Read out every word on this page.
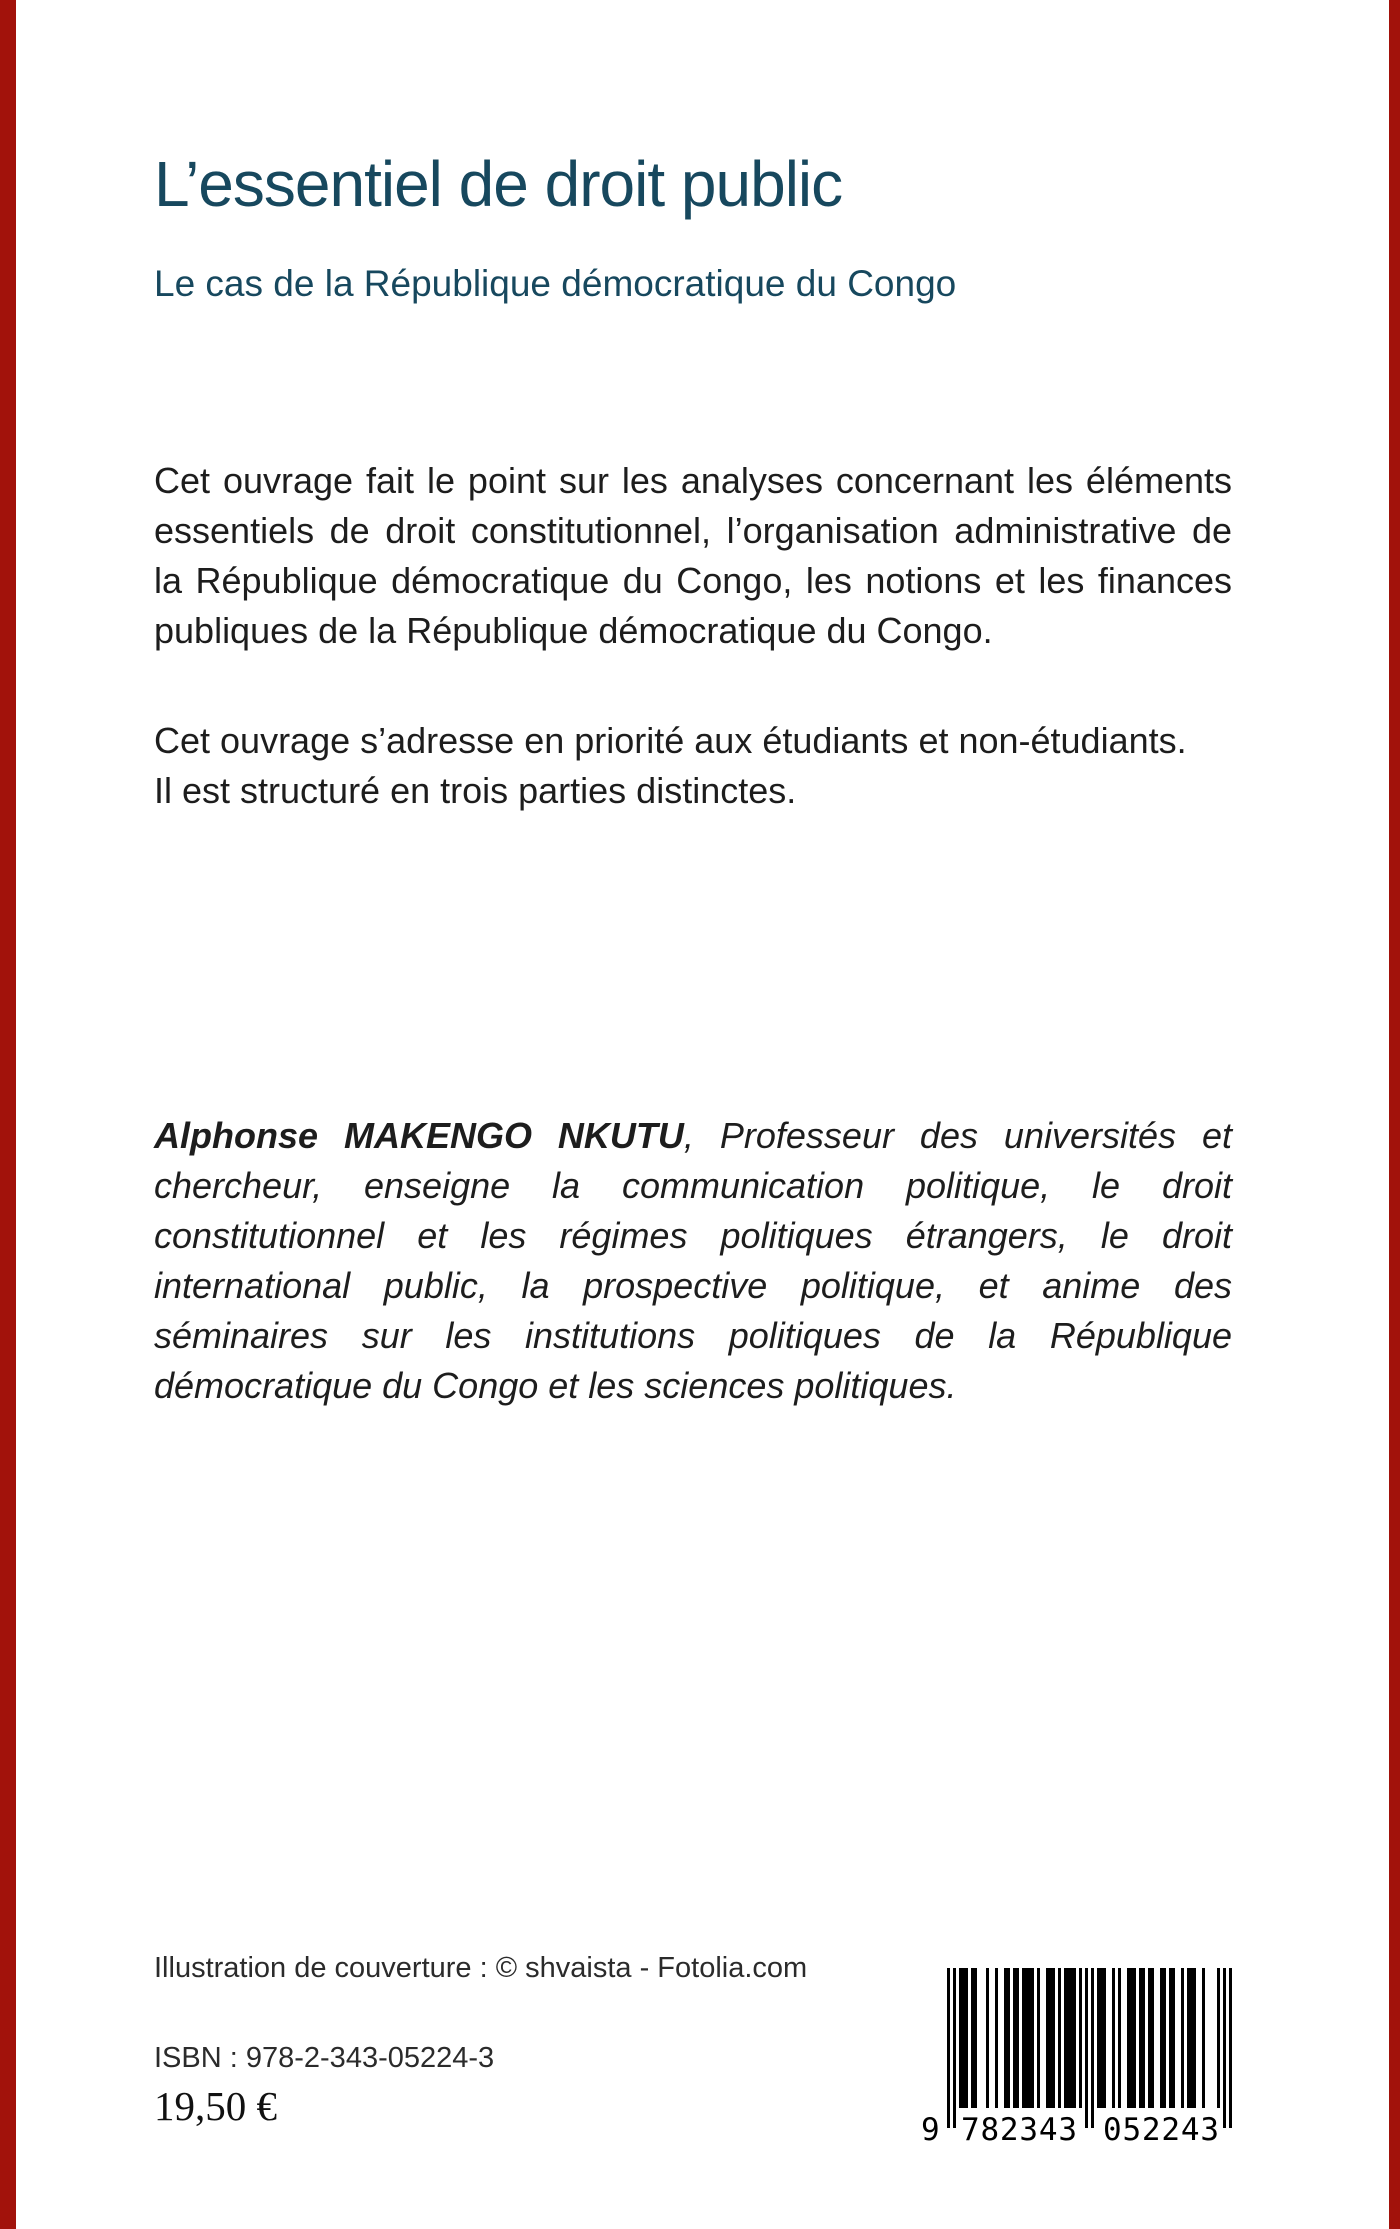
L’essentiel de droit public
Le cas de la République démocratique du Congo

Cet ouvrage fait le point sur les analyses concernant les éléments essentiels de droit constitutionnel, l’organisation administrative de la République démocratique du Congo, les notions et les finances publiques de la République démocratique du Congo.

Cet ouvrage s’adresse en priorité aux étudiants et non-étudiants.

Il est structuré en trois parties distinctes.

Alphonse MAKENGO NKUTU, Professeur des universités et chercheur, enseigne la communication politique, le droit constitutionnel et les régimes politiques étrangers, le droit international public, la prospective politique, et anime des séminaires sur les institutions politiques de la République démocratique du Congo et les sciences politiques.

Illustration de couverture : © shvaista - Fotolia.com
ISBN : 978-2-343-05224-3
19,50 €
9 782343 052243
